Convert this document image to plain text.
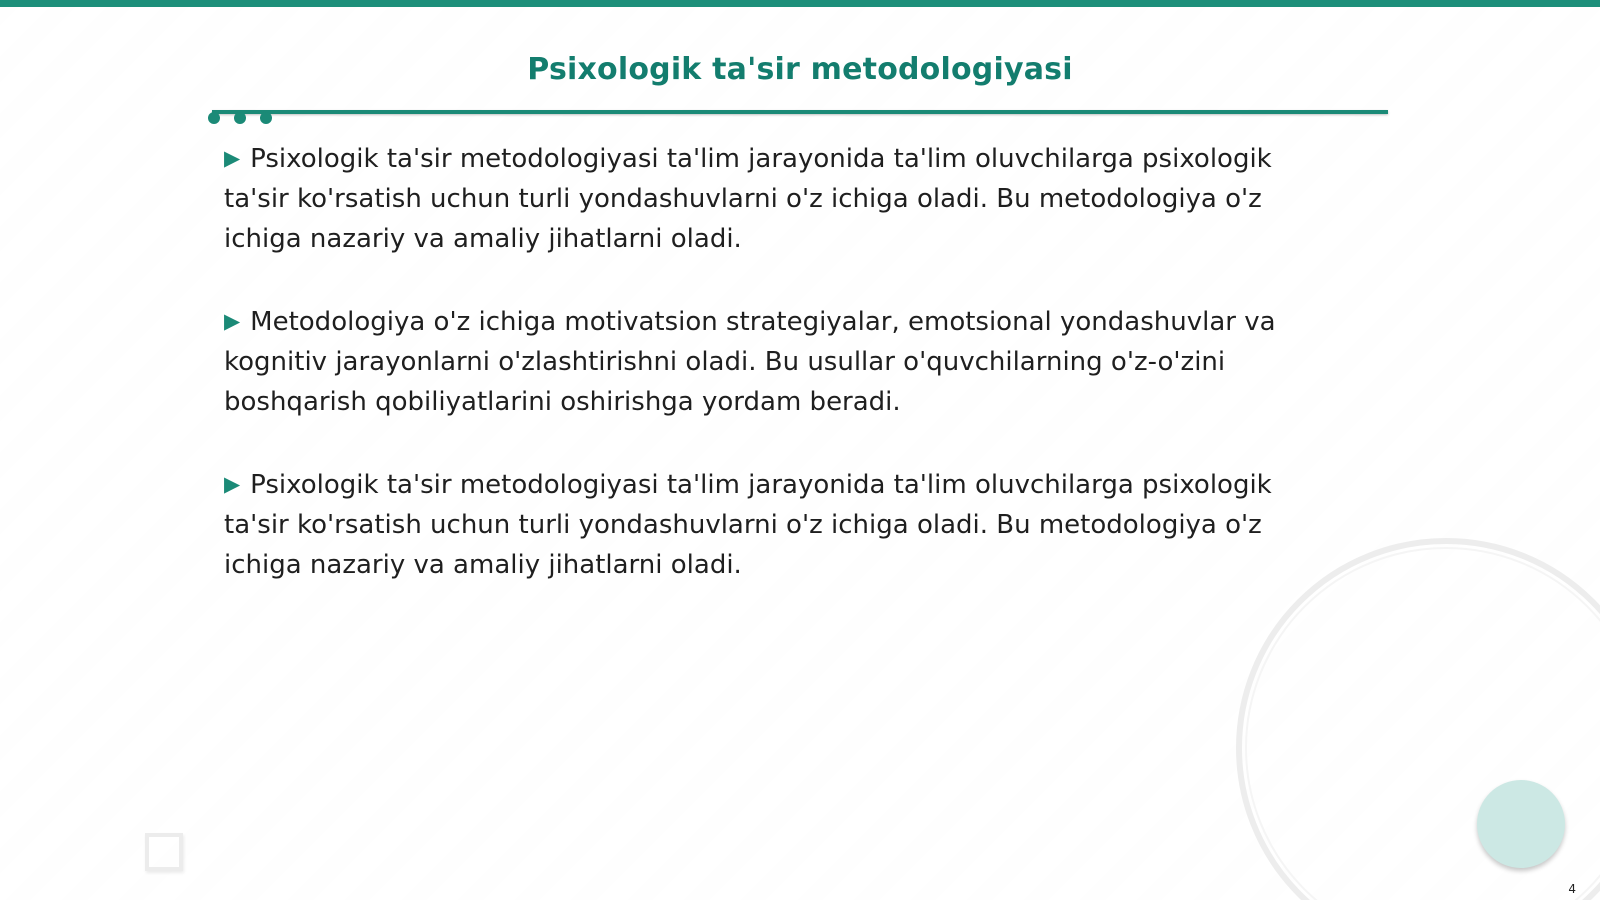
Psixologik ta'sir metodologiyasi
▶ Psixologik ta'sir metodologiyasi ta'lim jarayonida ta'lim oluvchilarga psixologik ta'sir ko'rsatish uchun turli yondashuvlarni o'z ichiga oladi. Bu metodologiya o'z ichiga nazariy va amaliy jihatlarni oladi.
▶ Metodologiya o'z ichiga motivatsion strategiyalar, emotsional yondashuvlar va kognitiv jarayonlarni o'zlashtirishni oladi. Bu usullar o'quvchilarning o'z-o'zini boshqarish qobiliyatlarini oshirishga yordam beradi.
▶ Psixologik ta'sir metodologiyasi ta'lim jarayonida ta'lim oluvchilarga psixologik ta'sir ko'rsatish uchun turli yondashuvlarni o'z ichiga oladi. Bu metodologiya o'z ichiga nazariy va amaliy jihatlarni oladi.
4
